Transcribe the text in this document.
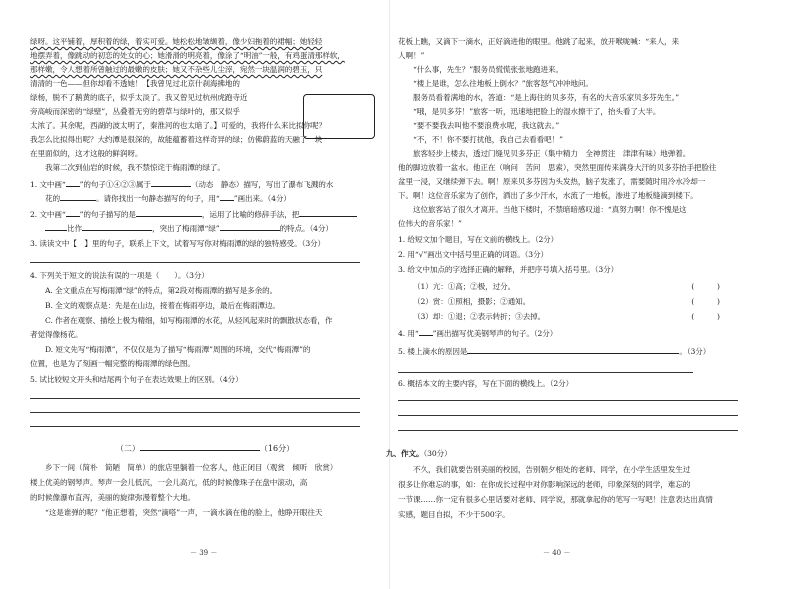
绿呀。这平铺着，厚积着的绿，着实可爱。她松松地皱缬着，像少妇拖着的裙幅；她轻轻
地摆弄着，像跳动的初恋的处女的心；她滑滑的明亮着，像涂了“明油”一般，有鸡蛋清那样软，
那样嫩，令人想着所曾触过的最嫩的皮肤；她又不杂些儿尘滓，宛然一块温润的碧玉，只
清清的一色——但你却看不透她！【我曾见过北京什刹海拂地的
绿杨，脱不了鹅黄的底子，似乎太淡了。我又曾见过杭州虎跑寺近
旁高峻而深密的“绿壁”，丛叠着无穷的碧草与绿叶的，那又似乎
太浓了。其余呢，西湖的波太明了，秦淮河的也太暗了。】可爱的，我将什么来比拟你呢？
我怎么比拟得出呢？大约潭是很深的，故能蕴蓄着这样奇异的绿；仿佛蔚蓝的天融了一块
在里面似的，这才这般的鲜润呀。
我第二次到仙岩的时候，我不禁惊诧于梅雨潭的绿了。
1. 文中画“ ”的句子①④②③属于	（动态　静态）描写，写出了瀑布飞溅的水
花的	。请你找出一句静态描写的句子，用“ ”画出来。（4分）
2. 文中画“ ”的句子描写的是	，运用了比喻的修辞手法，把
比作	，突出了梅雨潭“绿”	的特点。（4分）
3. 读读文中【　】里的句子，联系上下文，试着写写你对梅雨潭的绿的独特感受。（3分）
4. 下列关于短文的说法有误的一项是（　　）。（3分）
A. 全文重点在写梅雨潭“绿”的特点，第2段对梅雨潭的描写是多余的。
B. 全文的观察点是：先是在山边，接着在梅雨亭边，最后在梅雨潭边。
C. 作者在观察、描绘上极为精细，如写梅雨潭的水花，从轻风起来时的飘散状态看，作
者觉得像杨花。
D. 短文先写“梅雨潭”，不仅仅是为了描写“梅雨潭”周围的环境，交代“梅雨潭”的
位置，也是为了刻画一幅完整的梅雨潭的绿色图。
5. 试比较短文开头和结尾两个句子在表达效果上的区别。（4分）
（二）	（16分）
乡下一间（简朴　简陋　简单）的旅店里躺着一位客人，他正闭目（观赏　倾听　欣赏）
楼上优美的钢琴声。琴声一会儿低沉，一会儿高亢，低的时候像珠子在盘中滚动，高
的时候像瀑布直泻，美丽的旋律弥漫着整个大地。
“这是谁弹的呢？”他正想着，突然“滴嗒”一声，一滴水滴在他的脸上，他睁开眼往天
－ 39 －
花板上瞧，又滴下一滴水，正好滴进他的眼里。他跳了起来，放开喉咙喊：“来人，来
人啊！”
“什么事，先生？”服务员慌慌张张地跑进来。
“楼上是谁，怎么往地板上倒水？”旅客怒气冲冲地问。
服务员看着满地的水，答道：“是上海住的贝多芬，有名的大音乐家贝多芬先生。”
“哦，是贝多芬！”旅客一听，迅速地把脸上的湿水擦干了，抬头看了大半。
“要不要我去叫他不要浪费水呢，我这就去。”
“不，不！你不要打扰他，我自己去看看吧！”
旅客轻步上楼去，透过门缝见贝多芬正（集中精力　全神贯注　津津有味）地弹着。
他的脚边放着一盆水。他正在（响问　苦问　思索），突然里面传来满身大汗的贝多芬抬手把脸往
盆里一浸，又继续弹下去。啊！原来贝多芬因为头发热，脑子发涨了，需要随时用冷水冷却一
下。啊！这位音乐家为了创作，洒出了多少汗水，水流了一地板，渗进了地板缝滴到楼下。
这位旅客站了很久才离开。当他下楼时，不禁暗暗感叹道：“真努力啊！你不愧是这
位伟大的音乐家！”
1. 给短文加个题目，写在文前的横线上。（2分）
2. 用“√”画出文中括号里正确的词语。（3分）
3. 给文中加点的字选择正确的解释，并把序号填入括号里。（3分）
（1）亢：①高；②极，过分。	(　　　)
（2）赏：①照相，摄影；②通知。	(　　　)
（3）却：①退；②表示转折；③去掉。	(　　　)
4. 用“ ”画出描写优美钢琴声的句子。（2分）
5. 楼上滴水的原因是	。（3分）
6. 概括本文的主要内容，写在下面的横线上。（2分）
九、作文。（30分）
不久，我们就要告别美丽的校园，告别朝夕相处的老师、同学，在小学生活里发生过
很多让你难忘的事，如：在你成长过程中对你影响深远的老师，印象深刻的同学，难忘的
一节课……你一定有很多心里话要对老师、同学说，那就拿起你的笔写一写吧！注意表达出真情
实感，题目自拟，不少于500字。
－ 40 －
